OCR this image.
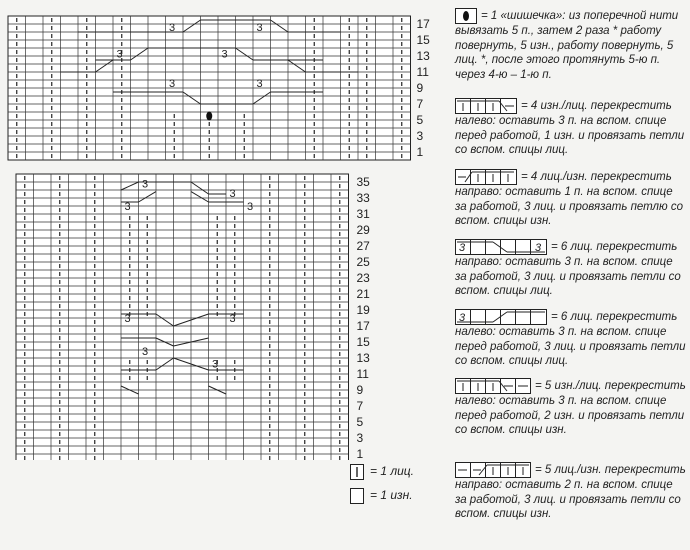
3	3
3	3
3	3
17
15
13
11
9
7
5
3
1
3
3
3	3
3	3
3
3
35
33
31
29
27
25
23
21
19
17
15
13
11
9
7
5
3
1
= 1 лиц.
= 1 изн.
= 1 «шишечка»: из поперечной нити вывязать 5 п., затем 2 раза * работу повернуть, 5 изн., работу повернуть, 5 лиц. *, после этого протянуть 5-ю п. через 4-ю – 1-ю п.
= 4 изн./лиц. перекрестить налево: оставить 3 п. на вспом. спице перед работой, 1 изн. и провязать петли со вспом. спицы лиц.
= 4 лиц./изн. перекрестить направо: оставить 1 п. на вспом. спице за работой, 3 лиц. и провязать петлю со вспом. спицы изн.
3	3 = 6 лиц. перекрестить направо: оставить 3 п. на вспом. спице за работой, 3 лиц. и провязать петли со вспом. спицы лиц.
3	= 6 лиц. перекрестить налево: оставить 3 п. на вспом. спице перед работой, 3 лиц. и провязать петли со вспом. спицы лиц.
= 5 изн./лиц. перекрестить налево: оставить 3 п. на вспом. спице перед работой, 2 изн. и провязать петли со вспом. спицы изн.
= 5 лиц./изн. перекрестить направо: оставить 2 п. на вспом. спице за работой, 3 лиц. и провязать петли со вспом. спицы изн.
